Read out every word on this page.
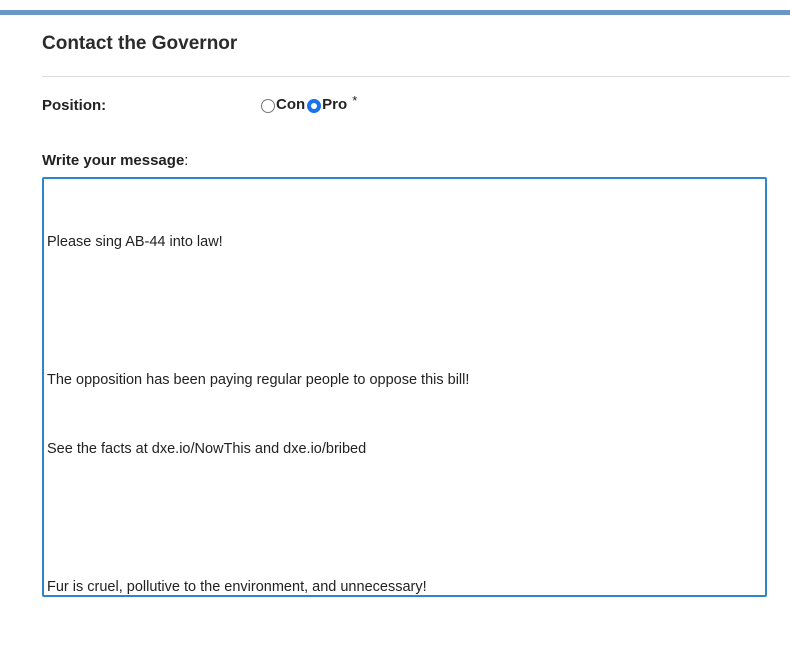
Contact the Governor
Position:	Con Pro *
Write your message:

Please sing AB-44 into law!

The opposition has been paying regular people to oppose this bill!

See the facts at dxe.io/NowThis and dxe.io/bribed

Fur is cruel, pollutive to the environment, and unnecessary!
